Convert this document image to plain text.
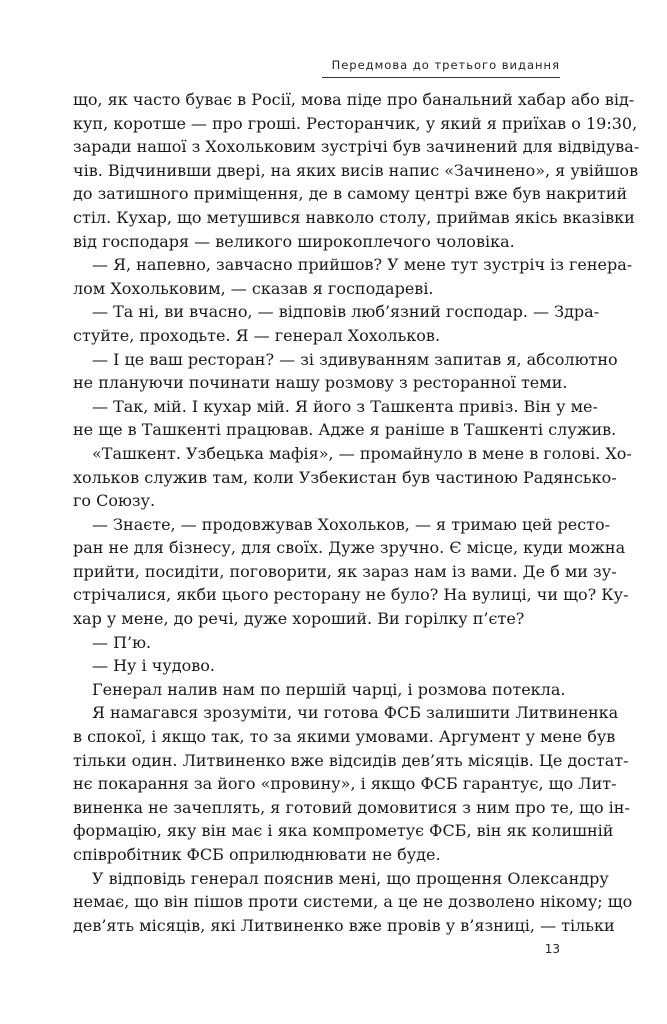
Передмова до третього видання
що, як часто буває в Росії, мова піде про банальний хабар або від-
куп, коротше — про гроші. Ресторанчик, у який я приїхав о 19:30,
заради нашої з Хохольковим зустрічі був зачинений для відвідува-
чів. Відчинивши двері, на яких висів напис «Зачинено», я увійшов
до затишного приміщення, де в самому центрі вже був накритий
стіл. Кухар, що метушився навколо столу, приймав якісь вказівки
від господаря — великого широкоплечого чоловіка.
— Я, напевно, завчасно прийшов? У мене тут зустріч із генера-
лом Хохольковим, — сказав я господареві.
— Та ні, ви вчасно, — відповів люб’язний господар. — Здра-
стуйте, проходьте. Я — генерал Хохольков.
— І це ваш ресторан? — зі здивуванням запитав я, абсолютно
не плануючи починати нашу розмову з ресторанної теми.
— Так, мій. І кухар мій. Я його з Ташкента привіз. Він у ме-
не ще в Ташкенті працював. Адже я раніше в Ташкенті служив.
«Ташкент. Узбецька мафія», — промайнуло в мене в голові. Хо-
хольков служив там, коли Узбекистан був частиною Радянсько-
го Союзу.
— Знаєте, — продовжував Хохольков, — я тримаю цей ресто-
ран не для бізнесу, для своїх. Дуже зручно. Є місце, куди можна
прийти, посидіти, поговорити, як зараз нам із вами. Де б ми зу-
стрічалися, якби цього ресторану не було? На вулиці, чи що? Ку-
хар у мене, до речі, дуже хороший. Ви горілку п’єте?
— П’ю.
— Ну і чудово.
Генерал налив нам по першій чарці, і розмова потекла.
Я намагався зрозуміти, чи готова ФСБ залишити Литвиненка
в спокої, і якщо так, то за якими умовами. Аргумент у мене був
тільки один. Литвиненко вже відсидів дев’ять місяців. Це достат-
нє покарання за його «провину», і якщо ФСБ гарантує, що Лит-
виненка не зачеплять, я готовий домовитися з ним про те, що ін-
формацію, яку він має і яка компрометує ФСБ, він як колишній
співробітник ФСБ оприлюднювати не буде.
У відповідь генерал пояснив мені, що прощення Олександру
немає, що він пішов проти системи, а це не дозволено нікому; що
дев’ять місяців, які Литвиненко вже провів у в’язниці, — тільки
13
